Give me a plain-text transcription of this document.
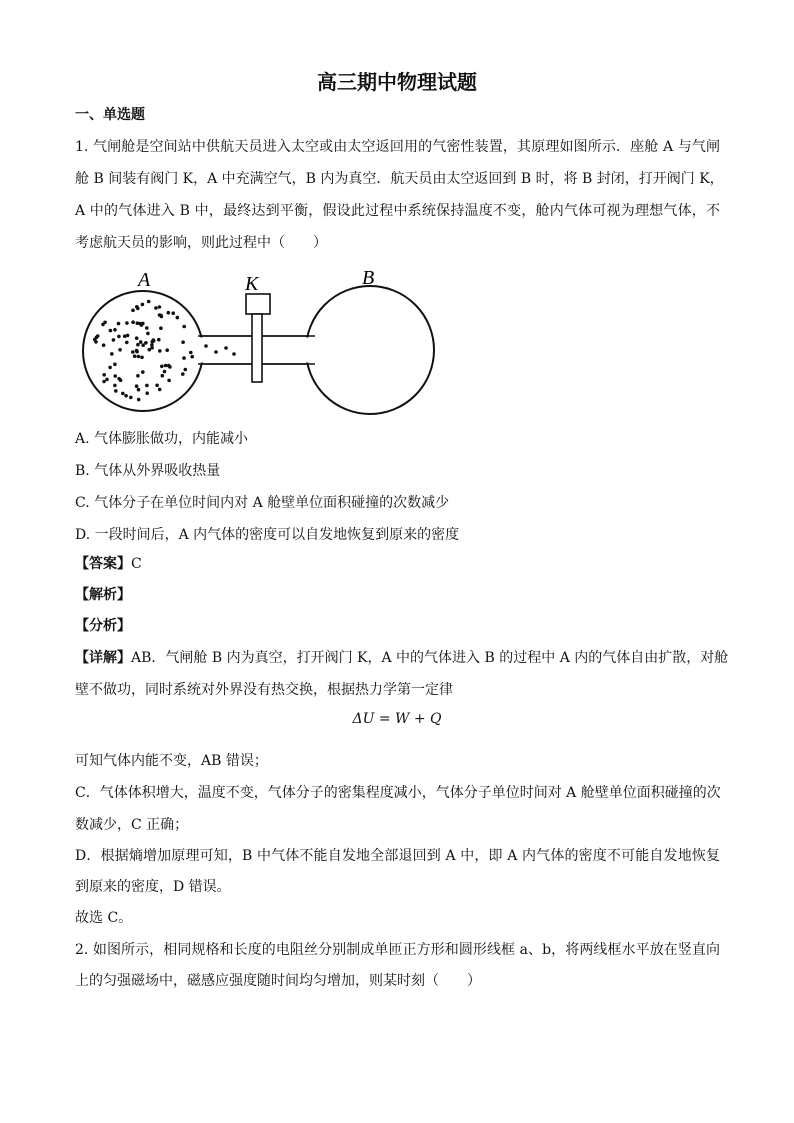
高三期中物理试题
一、单选题
1. 气闸舱是空间站中供航天员进入太空或由太空返回用的气密性装置，其原理如图所示．座舱 A 与气闸
舱 B 间装有阀门 K，A 中充满空气，B 内为真空．航天员由太空返回到 B 时，将 B 封闭，打开阀门 K，
A 中的气体进入 B 中，最终达到平衡，假设此过程中系统保持温度不变，舱内气体可视为理想气体，不
考虑航天员的影响，则此过程中（　　）
A	K	B
A. 气体膨胀做功，内能减小
B. 气体从外界吸收热量
C. 气体分子在单位时间内对 A 舱壁单位面积碰撞的次数减少
D. 一段时间后，A 内气体的密度可以自发地恢复到原来的密度
【答案】C
【解析】
【分析】
【详解】AB．气闸舱 B 内为真空，打开阀门 K，A 中的气体进入 B 的过程中 A 内的气体自由扩散，对舱
壁不做功，同时系统对外界没有热交换，根据热力学第一定律
ΔU = W + Q
可知气体内能不变，AB 错误；
C．气体体积增大，温度不变，气体分子的密集程度减小，气体分子单位时间对 A 舱壁单位面积碰撞的次
数减少，C 正确；
D．根据熵增加原理可知，B 中气体不能自发地全部退回到 A 中，即 A 内气体的密度不可能自发地恢复
到原来的密度，D 错误。
故选 C。
2. 如图所示，相同规格和长度的电阻丝分别制成单匝正方形和圆形线框 a、b，将两线框水平放在竖直向
上的匀强磁场中，磁感应强度随时间均匀增加，则某时刻（　　）
